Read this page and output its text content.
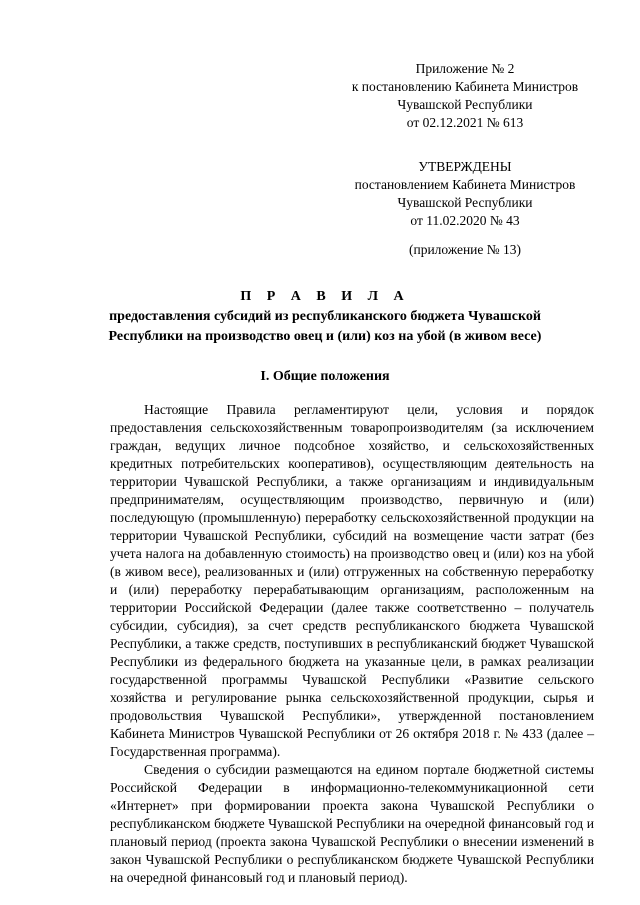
Приложение № 2
к постановлению Кабинета Министров
Чувашской Республики
от 02.12.2021 № 613
УТВЕРЖДЕНЫ
постановлением Кабинета Министров
Чувашской Республики
от 11.02.2020 № 43
(приложение № 13)
П Р А В И Л А
предоставления субсидий из республиканского бюджета Чувашской
Республики на производство овец и (или) коз на убой (в живом весе)
I. Общие положения

Настоящие Правила регламентируют цели, условия и порядок предоставления сельскохозяйственным товаропроизводителям (за исключением граждан, ведущих личное подсобное хозяйство, и сельскохозяйственных кредитных потребительских кооперативов), осуществляющим деятельность на территории Чувашской Республики, а также организациям и индивидуальным предпринимателям, осуществляющим производство, первичную и (или) последующую (промышленную) переработку сельскохозяйственной продукции на территории Чувашской Республики, субсидий на возмещение части затрат (без учета налога на добавленную стоимость) на производство овец и (или) коз на убой (в живом весе), реализованных и (или) отгруженных на собственную переработку и (или) переработку перерабатывающим организациям, расположенным на территории Российской Федерации (далее также соответственно – получатель субсидии, субсидия), за счет средств республиканского бюджета Чувашской Республики, а также средств, поступивших в республиканский бюджет Чувашской Республики из федерального бюджета на указанные цели, в рамках реализации государственной программы Чувашской Республики «Развитие сельского хозяйства и регулирование рынка сельскохозяйственной продукции, сырья и продовольствия Чувашской Республики», утвержденной постановлением Кабинета Министров Чувашской Республики от 26 октября 2018 г. № 433 (далее – Государственная программа).

Сведения о субсидии размещаются на едином портале бюджетной системы Российской Федерации в информационно-телекоммуникационной сети «Интернет» при формировании проекта закона Чувашской Республики о республиканском бюджете Чувашской Республики на очередной финансовый год и плановый период (проекта закона Чувашской Республики о внесении изменений в закон Чувашской Республики о республиканском бюджете Чувашской Республики на очередной финансовый год и плановый период).
